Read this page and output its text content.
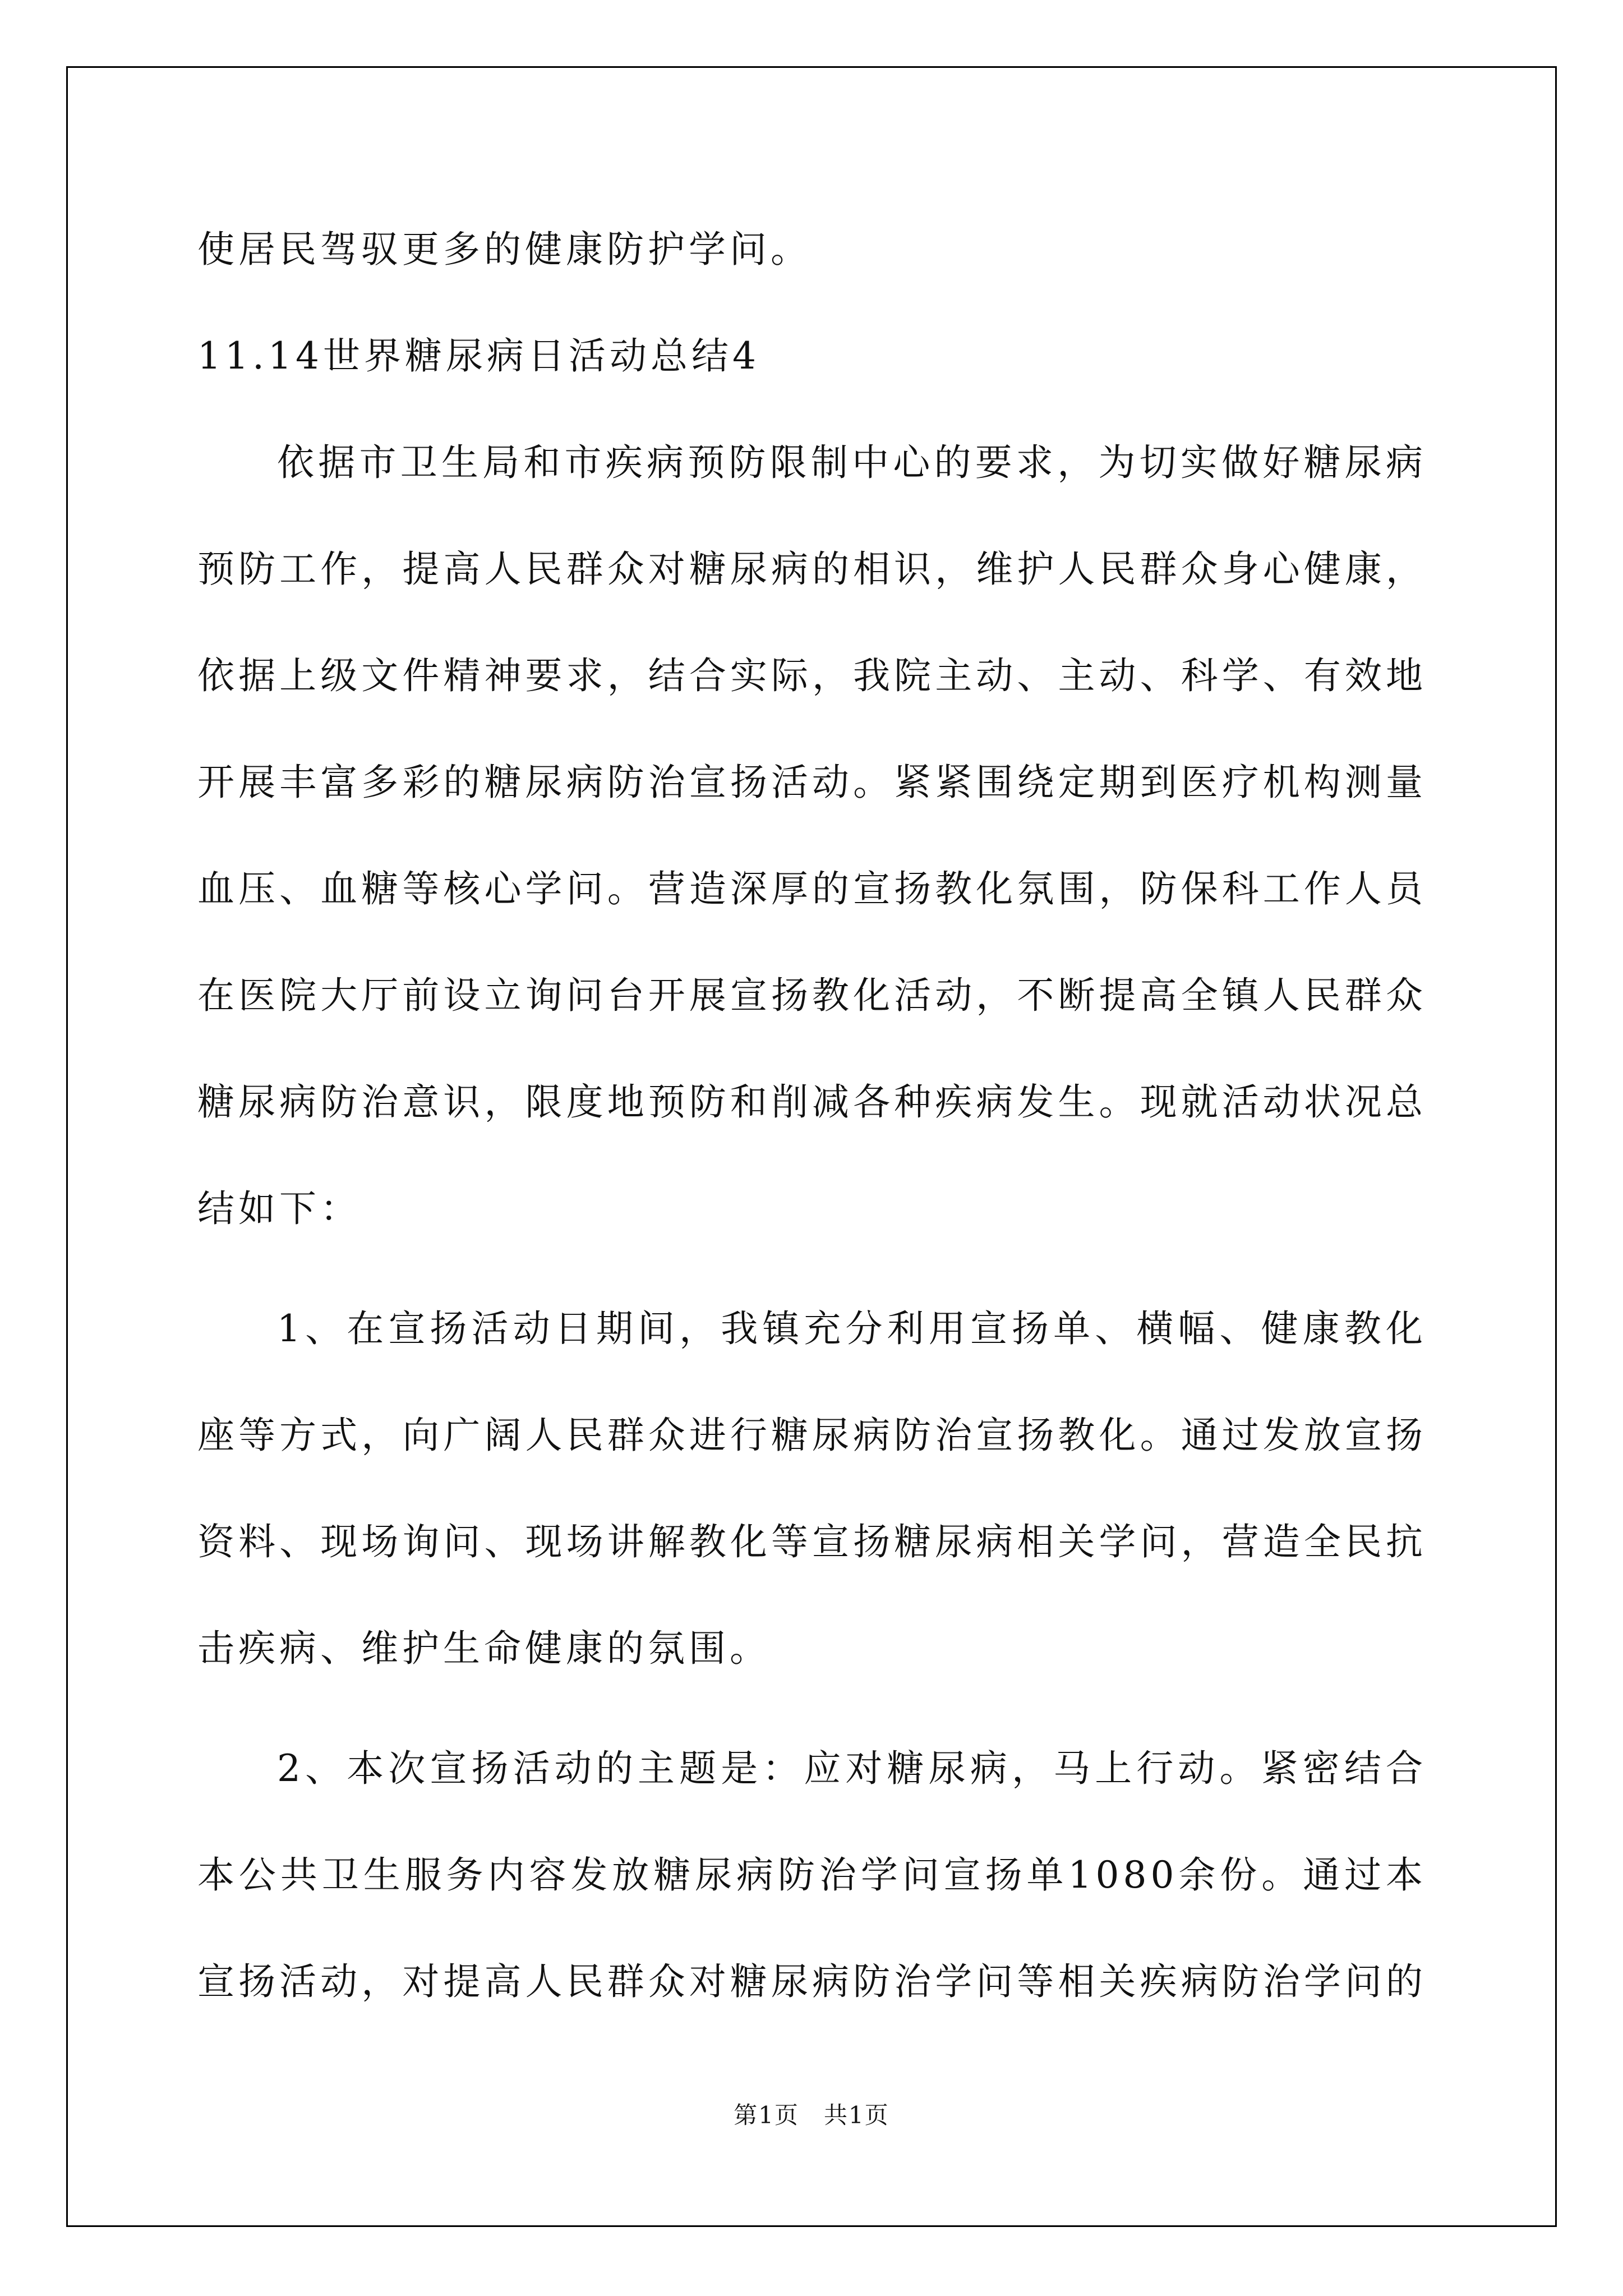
使居民驾驭更多的健康防护学问。
11.14世界糖尿病日活动总结4
依据市卫生局和市疾病预防限制中心的要求，为切实做好糖尿病
预防工作，提高人民群众对糖尿病的相识，维护人民群众身心健康，
依据上级文件精神要求，结合实际，我院主动、主动、科学、有效地
开展丰富多彩的糖尿病防治宣扬活动。紧紧围绕定期到医疗机构测量
血压、血糖等核心学问。营造深厚的宣扬教化氛围，防保科工作人员
在医院大厅前设立询问台开展宣扬教化活动，不断提高全镇人民群众
糖尿病防治意识，限度地预防和削减各种疾病发生。现就活动状况总
结如下：
1、在宣扬活动日期间，我镇充分利用宣扬单、横幅、健康教化
座等方式，向广阔人民群众进行糖尿病防治宣扬教化。通过发放宣扬
资料、现场询问、现场讲解教化等宣扬糖尿病相关学问，营造全民抗
击疾病、维护生命健康的氛围。
2、本次宣扬活动的主题是：应对糖尿病，马上行动。紧密结合
本公共卫生服务内容发放糖尿病防治学问宣扬单1080余份。通过本
宣扬活动，对提高人民群众对糖尿病防治学问等相关疾病防治学问的
第1页　共1页
